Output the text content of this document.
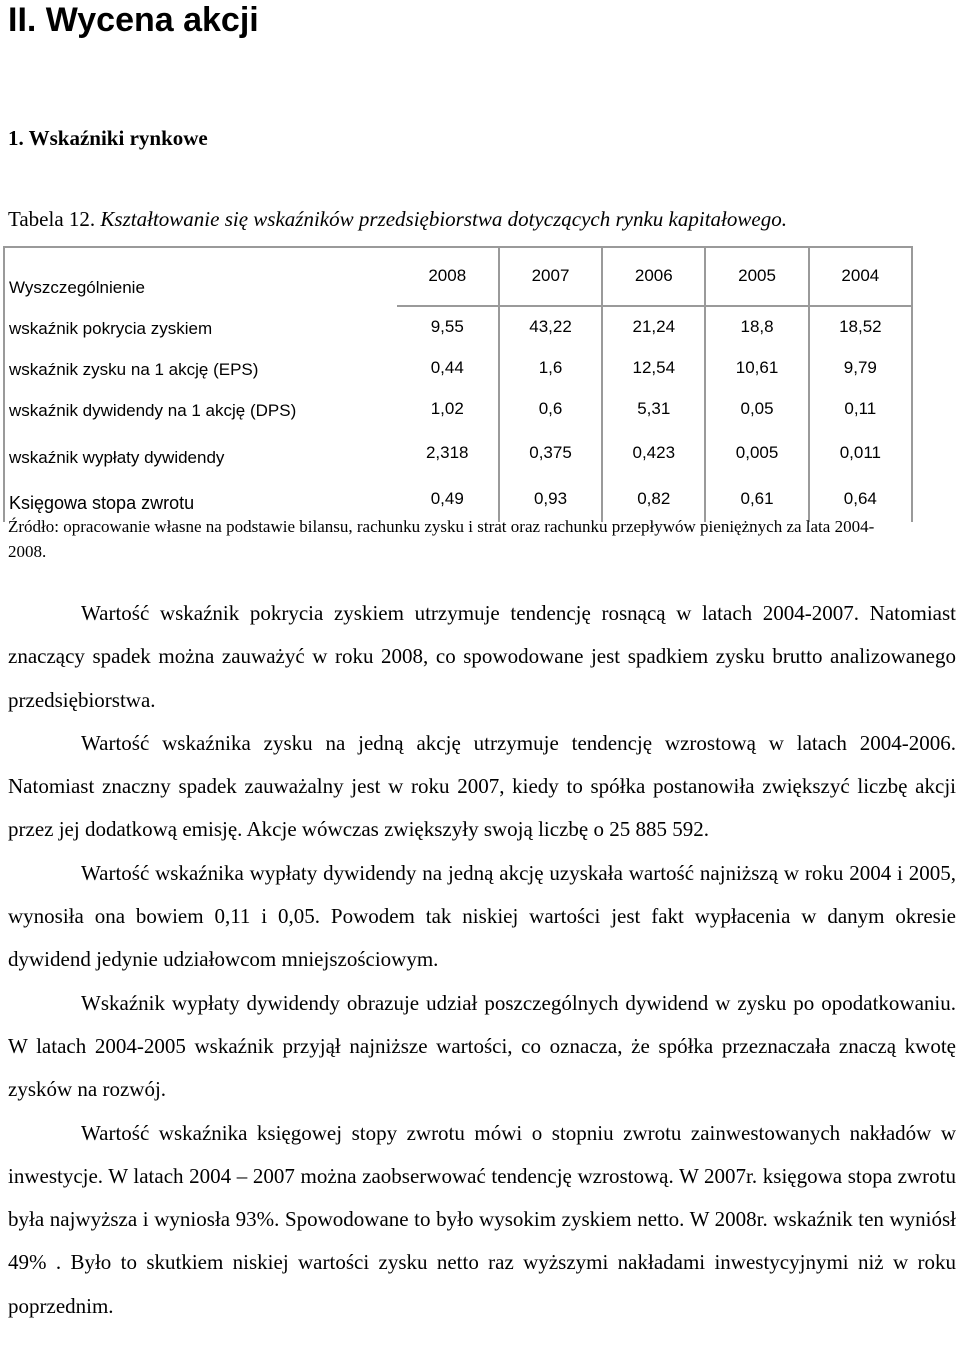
II. Wycena akcji
1. Wskaźniki rynkowe
Tabela 12. Kształtowanie się wskaźników przedsiębiorstwa dotyczących rynku kapitałowego.
Wyszczególnienie	2008	2007	2006	2005	2004
wskaźnik pokrycia zyskiem	9,55	43,22	21,24	18,8	18,52
wskaźnik zysku na 1 akcję (EPS)	0,44	1,6	12,54	10,61	9,79
wskaźnik dywidendy na 1 akcję (DPS)	1,02	0,6	5,31	0,05	0,11
wskaźnik wypłaty dywidendy	2,318	0,375	0,423	0,005	0,011
Księgowa stopa zwrotu	0,49	0,93	0,82	0,61	0,64
Źródło: opracowanie własne na podstawie bilansu, rachunku zysku i strat oraz rachunku przepływów pieniężnych za lata 2004-2008.

Wartość wskaźnik pokrycia zyskiem utrzymuje tendencję rosnącą w latach 2004-2007. Natomiast znaczący spadek można zauważyć w roku 2008, co spowodowane jest spadkiem zysku brutto analizowanego przedsiębiorstwa.

Wartość wskaźnika zysku na jedną akcję utrzymuje tendencję wzrostową w latach 2004-2006. Natomiast znaczny spadek zauważalny jest w roku 2007, kiedy to spółka postanowiła zwiększyć liczbę akcji przez jej dodatkową emisję. Akcje wówczas zwiększyły swoją liczbę o 25 885 592.

Wartość wskaźnika wypłaty dywidendy na jedną akcję uzyskała wartość najniższą w roku 2004 i 2005, wynosiła ona bowiem 0,11 i 0,05. Powodem tak niskiej wartości jest fakt wypłacenia w danym okresie dywidend jedynie udziałowcom mniejszościowym.

Wskaźnik wypłaty dywidendy obrazuje udział poszczególnych dywidend w zysku po opodatkowaniu. W latach 2004-2005 wskaźnik przyjął najniższe wartości, co oznacza, że spółka przeznaczała znaczą kwotę zysków na rozwój.

Wartość wskaźnika księgowej stopy zwrotu mówi o stopniu zwrotu zainwestowanych nakładów w inwestycje. W latach 2004 – 2007 można zaobserwować tendencję wzrostową. W 2007r. księgowa stopa zwrotu była najwyższa i wyniosła 93%. Spowodowane to było wysokim zyskiem netto. W 2008r. wskaźnik ten wyniósł 49% . Było to skutkiem niskiej wartości zysku netto raz wyższymi nakładami inwestycyjnymi niż w roku poprzednim.
